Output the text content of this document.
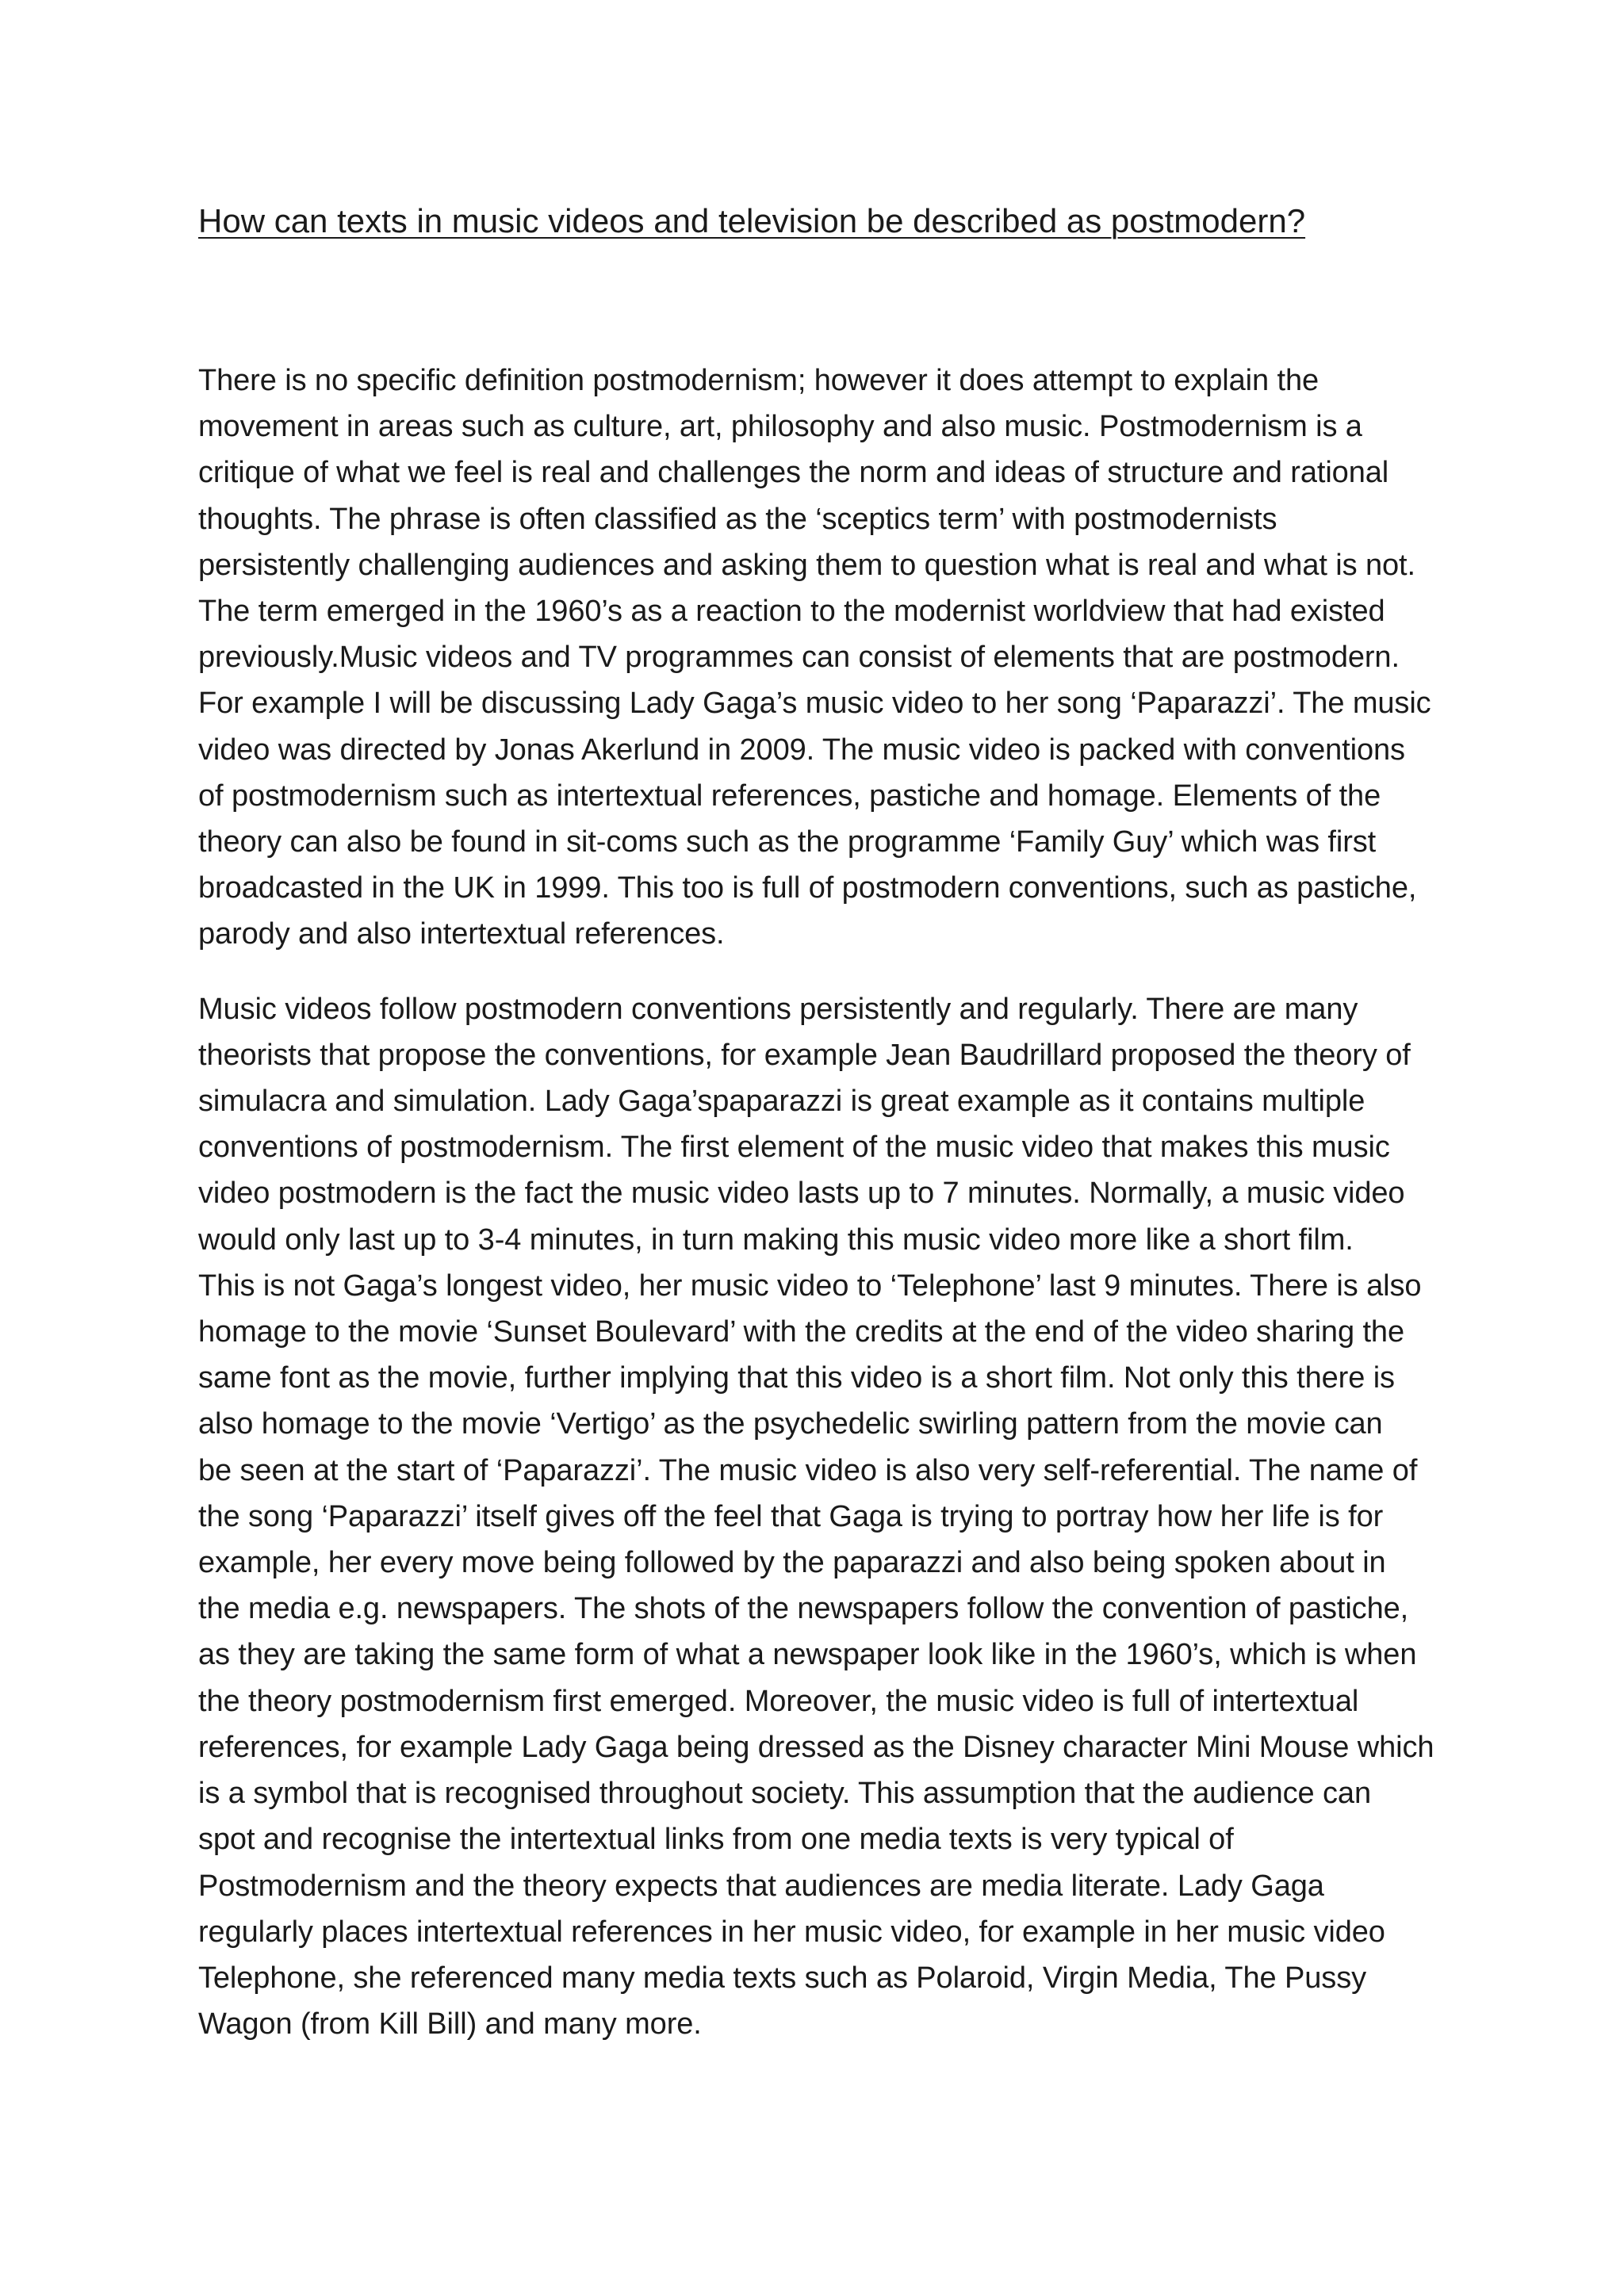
How can texts in music videos and television be described as postmodern?
There is no specific definition postmodernism; however it does attempt to explain the
movement in areas such as culture, art, philosophy and also music. Postmodernism is a
critique of what we feel is real and challenges the norm and ideas of structure and rational
thoughts. The phrase is often classified as the ‘sceptics term’ with postmodernists
persistently challenging audiences and asking them to question what is real and what is not.
The term emerged in the 1960’s as a reaction to the modernist worldview that had existed
previously.Music videos and TV programmes can consist of elements that are postmodern.
For example I will be discussing Lady Gaga’s music video to her song ‘Paparazzi’. The music
video was directed by Jonas Akerlund in 2009. The music video is packed with conventions
of postmodernism such as intertextual references, pastiche and homage. Elements of the
theory can also be found in sit-coms such as the programme ‘Family Guy’ which was first
broadcasted in the UK in 1999. This too is full of postmodern conventions, such as pastiche,
parody and also intertextual references.
Music videos follow postmodern conventions persistently and regularly. There are many
theorists that propose the conventions, for example Jean Baudrillard proposed the theory of
simulacra and simulation. Lady Gaga’spaparazzi is great example as it contains multiple
conventions of postmodernism. The first element of the music video that makes this music
video postmodern is the fact the music video lasts up to 7 minutes. Normally, a music video
would only last up to 3-4 minutes, in turn making this music video more like a short film.
This is not Gaga’s longest video, her music video to ‘Telephone’ last 9 minutes. There is also
homage to the movie ‘Sunset Boulevard’ with the credits at the end of the video sharing the
same font as the movie, further implying that this video is a short film. Not only this there is
also homage to the movie ‘Vertigo’ as the psychedelic swirling pattern from the movie can
be seen at the start of ‘Paparazzi’. The music video is also very self-referential. The name of
the song ‘Paparazzi’ itself gives off the feel that Gaga is trying to portray how her life is for
example, her every move being followed by the paparazzi and also being spoken about in
the media e.g. newspapers. The shots of the newspapers follow the convention of pastiche,
as they are taking the same form of what a newspaper look like in the 1960’s, which is when
the theory postmodernism first emerged. Moreover, the music video is full of intertextual
references, for example Lady Gaga being dressed as the Disney character Mini Mouse which
is a symbol that is recognised throughout society. This assumption that the audience can
spot and recognise the intertextual links from one media texts is very typical of
Postmodernism and the theory expects that audiences are media literate. Lady Gaga
regularly places intertextual references in her music video, for example in her music video
Telephone, she referenced many media texts such as Polaroid, Virgin Media, The Pussy
Wagon (from Kill Bill) and many more.
